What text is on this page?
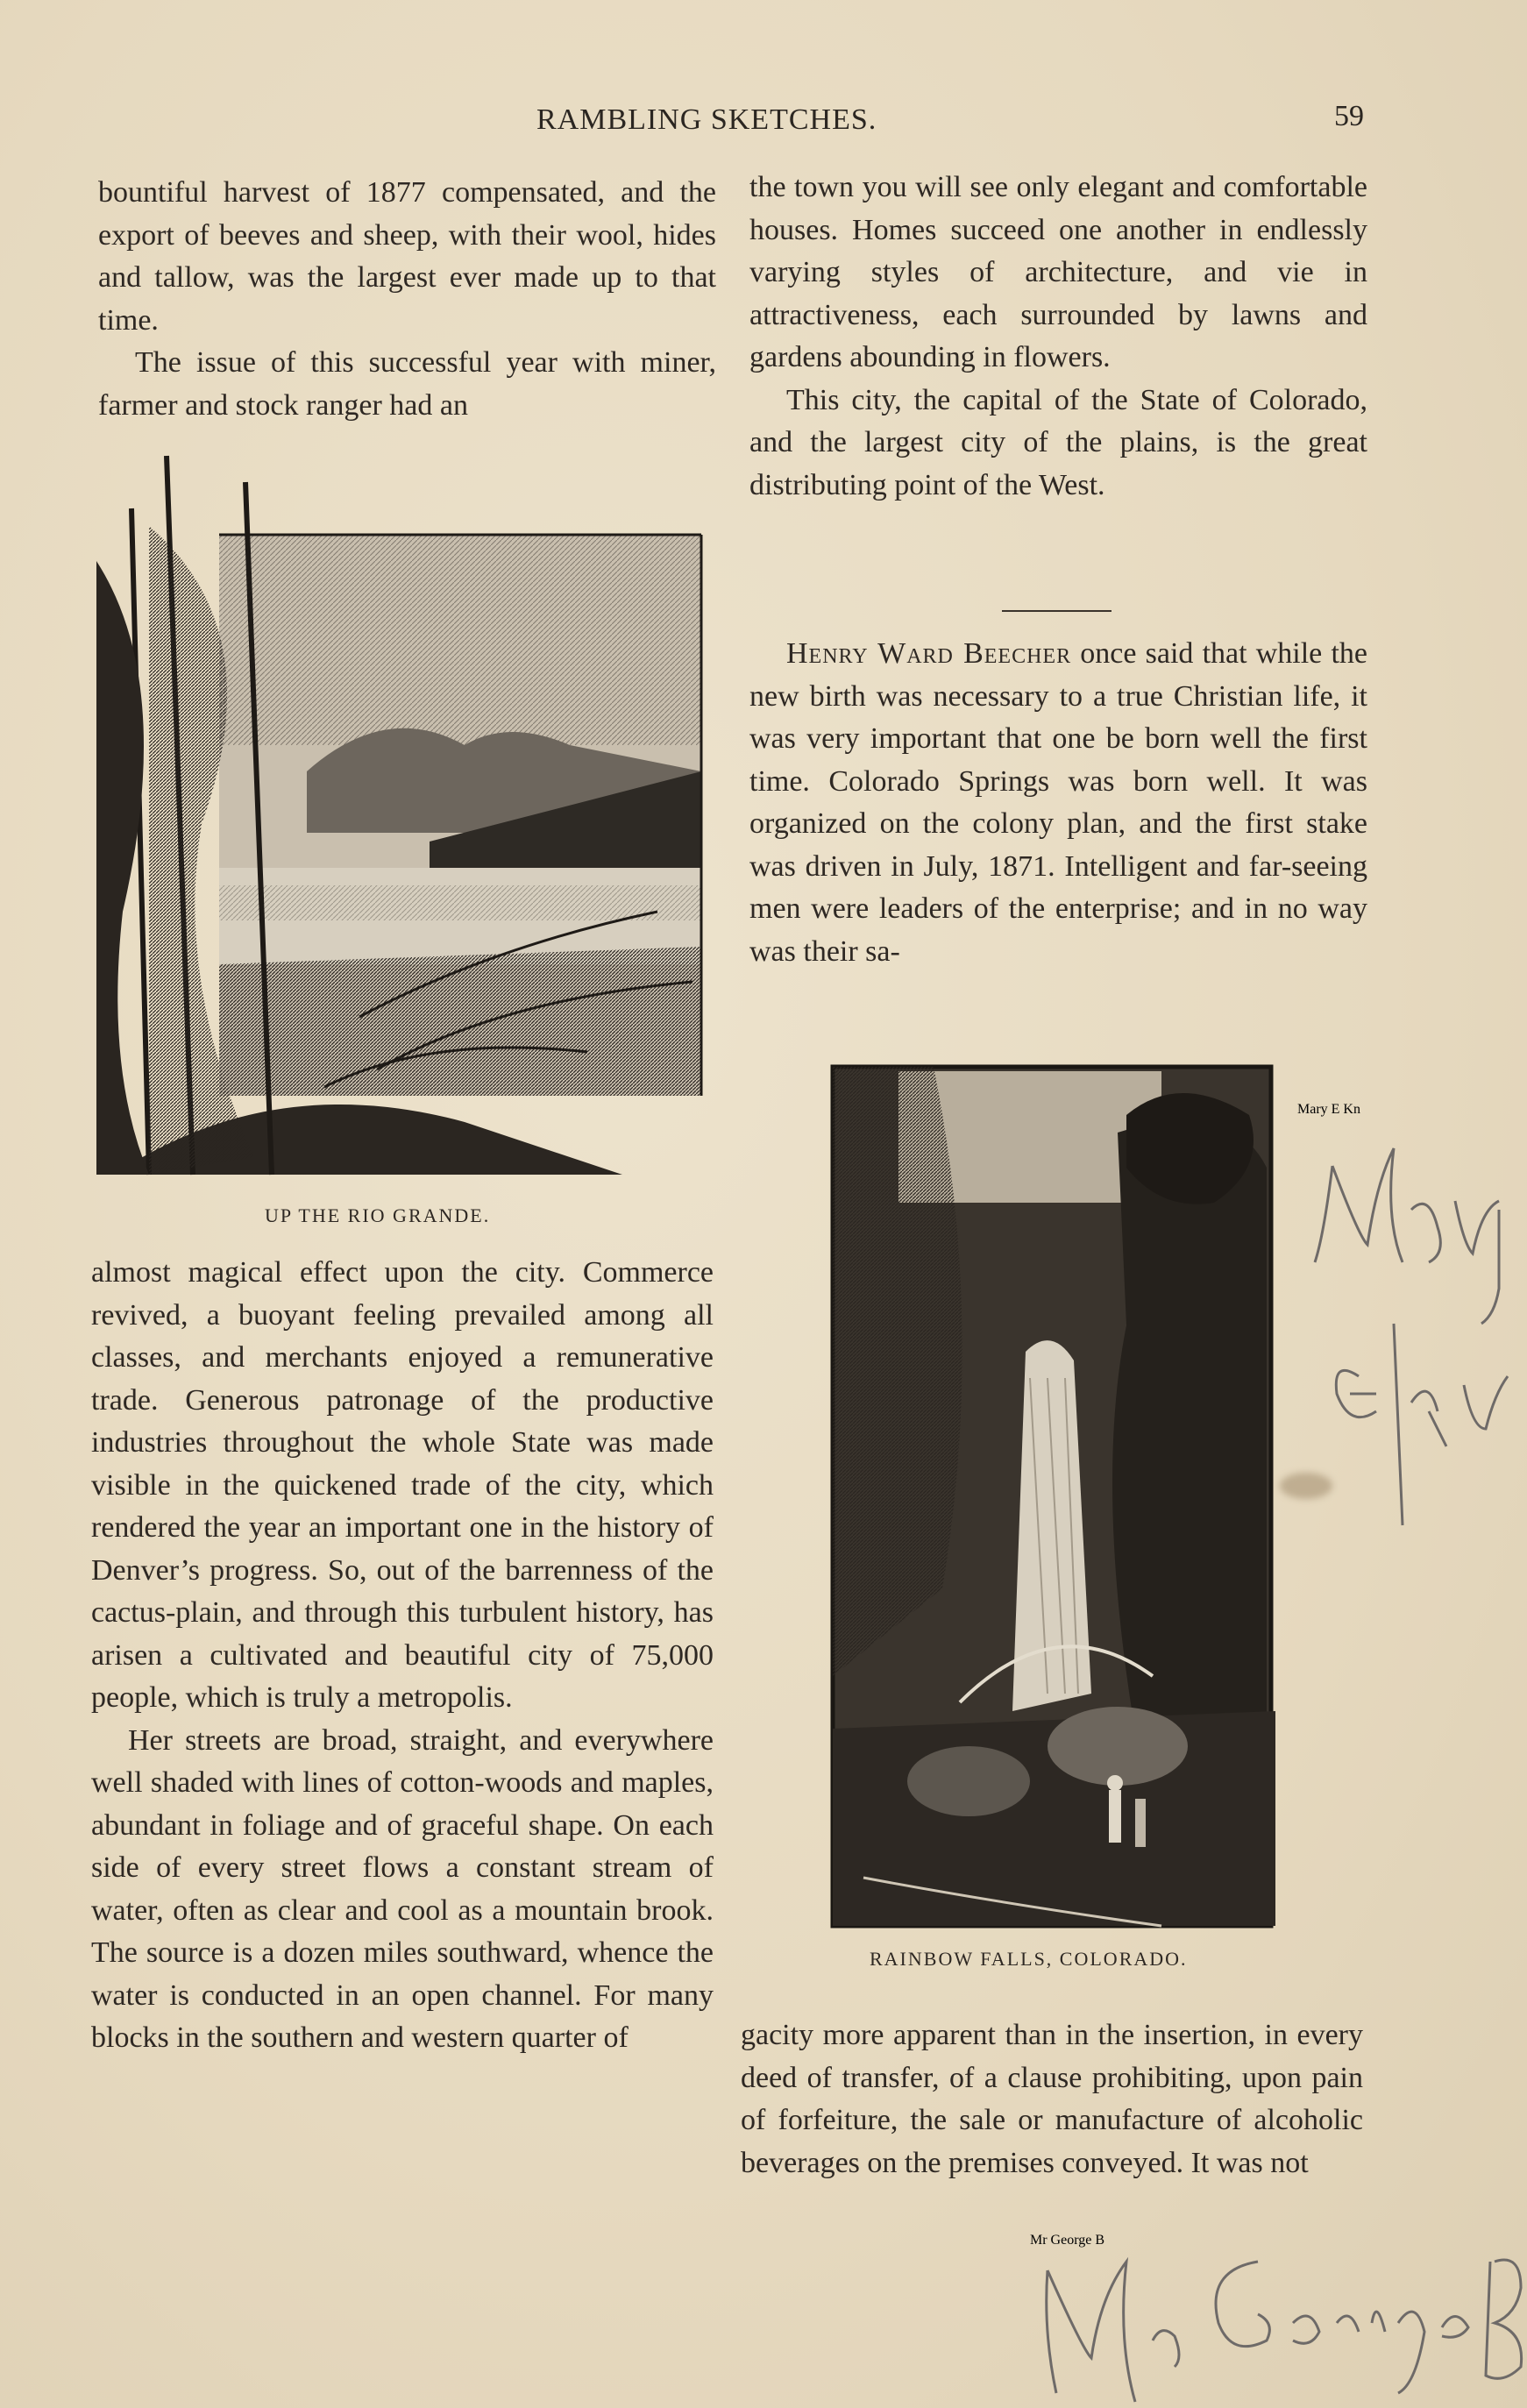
RAMBLING SKETCHES.	59

bountiful harvest of 1877 compensated, and the export of beeves and sheep, with their wool, hides and tallow, was the largest ever made up to that time.

The issue of this successful year with miner, farmer and stock ranger had an

UP THE RIO GRANDE.

almost magical effect upon the city. Commerce revived, a buoyant feeling prevailed among all classes, and merchants enjoyed a remunerative trade. Generous patronage of the productive industries throughout the whole State was made visible in the quickened trade of the city, which rendered the year an important one in the history of Denver’s progress. So, out of the barrenness of the cactus-plain, and through this turbulent history, has arisen a cultivated and beautiful city of 75,000 people, which is truly a metropolis.

Her streets are broad, straight, and everywhere well shaded with lines of cotton-woods and maples, abundant in foliage and of graceful shape. On each side of every street flows a constant stream of water, often as clear and cool as a mountain brook. The source is a dozen miles southward, whence the water is conducted in an open channel. For many blocks in the southern and western quarter of

the town you will see only elegant and comfortable houses. Homes succeed one another in endlessly varying styles of architecture, and vie in attractiveness, each surrounded by lawns and gardens abounding in flowers.

This city, the capital of the State of Colorado, and the largest city of the plains, is the great distributing point of the West.

Henry Ward Beecher once said that while the new birth was necessary to a true Christian life, it was very important that one be born well the first time. Colorado Springs was born well. It was organized on the colony plan, and the first stake was driven in July, 1871. Intelligent and far-seeing men were leaders of the enterprise; and in no way was their sa-

RAINBOW FALLS, COLORADO.

gacity more apparent than in the insertion, in every deed of transfer, of a clause prohibiting, upon pain of forfeiture, the sale or manufacture of alcoholic beverages on the premises conveyed. It was not

Mary E Kn
Mr George B
